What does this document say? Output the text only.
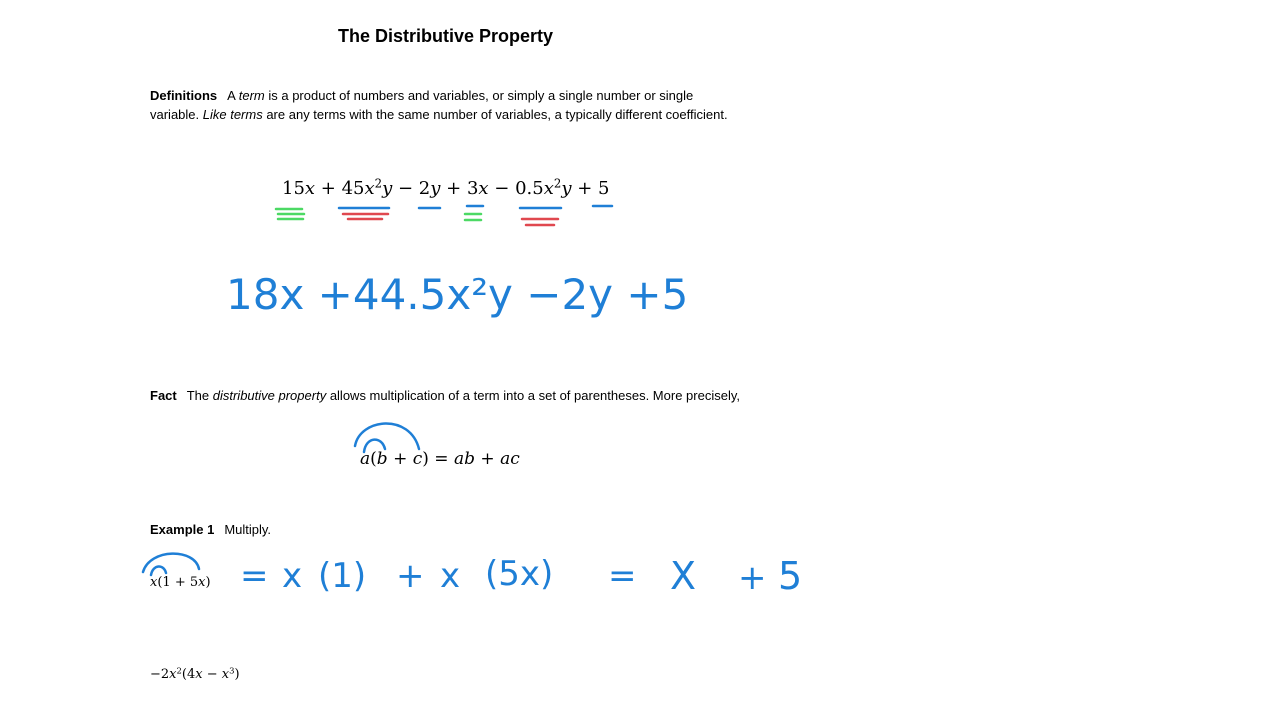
The Distributive Property
Definitions A term is a product of numbers and variables, or simply a single number or single variable. Like terms are any terms with the same number of variables, a typically different coefficient.
$15x + 45x^2y - 2y + 3x - 0.5x^2y + 5$
Fact The distributive property allows multiplication of a term into a set of parentheses. More precisely,
a(b + c) = ab + ac
Example 1 Multiply.
x(1 + 5x)
$-2x^2(4x - x^3)$
18x +44.5x²y −2y +5
= x (1) + x (5x) = X + 5
